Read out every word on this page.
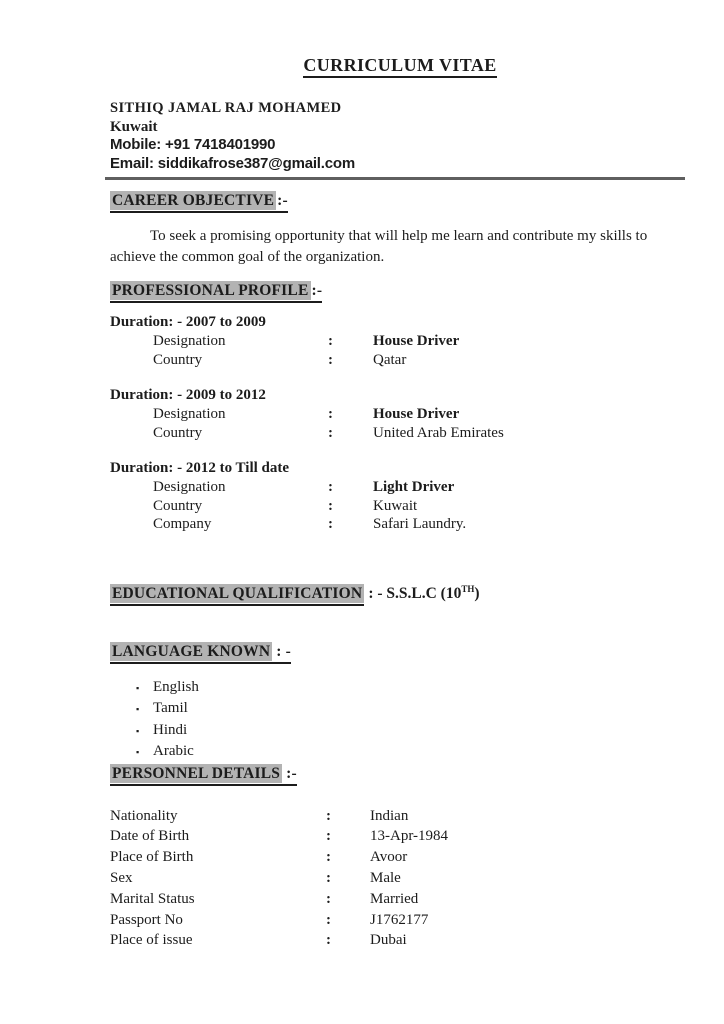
CURRICULUM VITAE
SITHIQ JAMAL RAJ MOHAMED
Kuwait
Mobile: +91 7418401990
Email: siddikafrose387@gmail.com
CAREER OBJECTIVE :-
To seek a promising opportunity that will help me learn and contribute my skills to achieve the common goal of the organization.
PROFESSIONAL PROFILE :-
Duration: - 2007 to 2009
Designation	:	House Driver
Country	:	Qatar
Duration: - 2009 to 2012
Designation	:	House Driver
Country	:	United Arab Emirates
Duration: - 2012 to Till date
Designation	:	Light Driver
Country	:	Kuwait
Company	:	Safari Laundry.
EDUCATIONAL QUALIFICATION : - S.S.L.C (10TH)
LANGUAGE KNOWN : -
▪ English
▪ Tamil
▪ Hindi
▪ Arabic
PERSONNEL DETAILS :-
Nationality	:	Indian
Date of Birth	:	13-Apr-1984
Place of Birth	:	Avoor
Sex	:	Male
Marital Status	:	Married
Passport No	:	J1762177
Place of issue	:	Dubai
